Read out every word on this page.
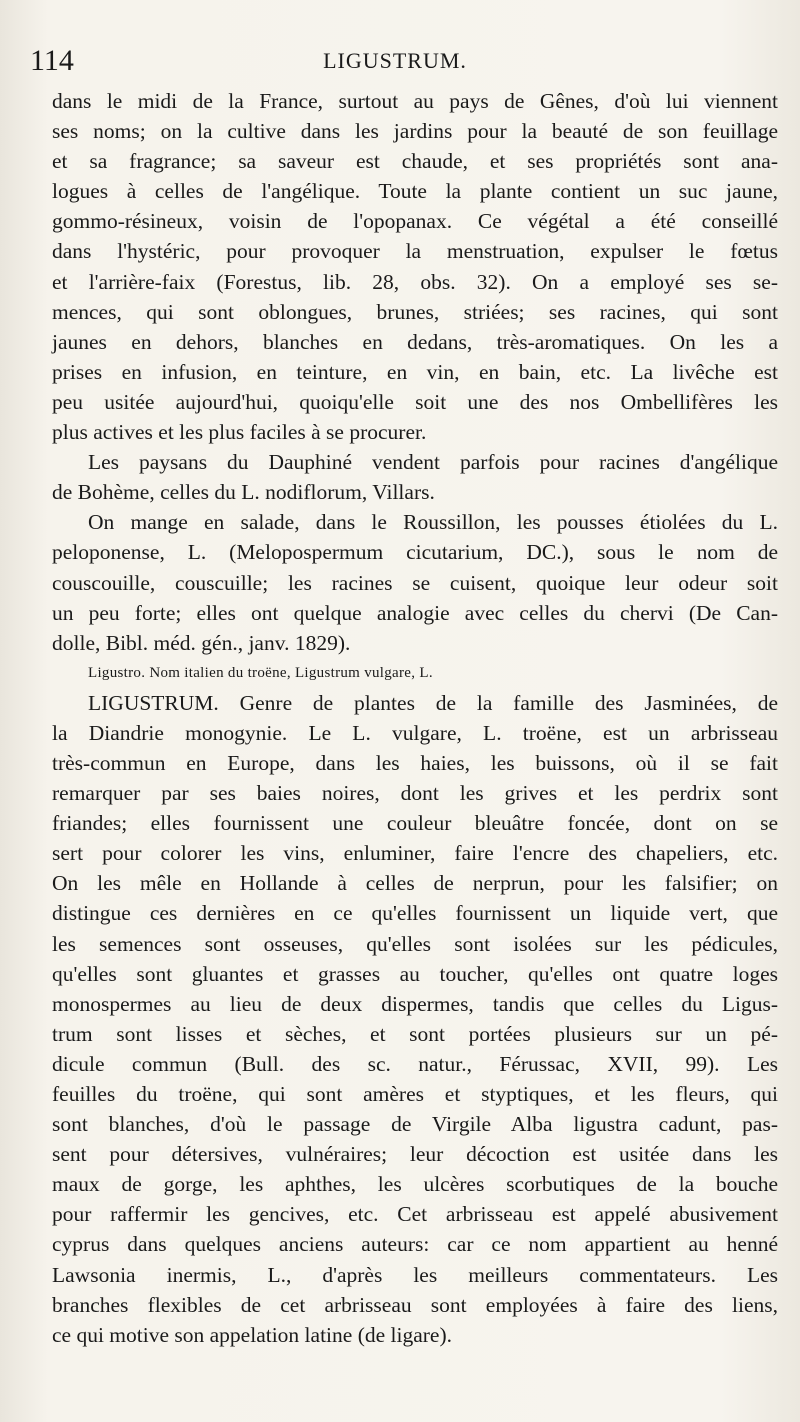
114	LIGUSTRUM.
dans le midi de la France, surtout au pays de Gênes, d'où lui viennent
ses noms; on la cultive dans les jardins pour la beauté de son feuillage
et sa fragrance; sa saveur est chaude, et ses propriétés sont ana-
logues à celles de l'angélique. Toute la plante contient un suc jaune,
gommo-résineux, voisin de l'opopanax. Ce végétal a été conseillé
dans l'hystéric, pour provoquer la menstruation, expulser le fœtus
et l'arrière-faix (Forestus, lib. 28, obs. 32). On a employé ses se-
mences, qui sont oblongues, brunes, striées; ses racines, qui sont
jaunes en dehors, blanches en dedans, très-aromatiques. On les a
prises en infusion, en teinture, en vin, en bain, etc. La livêche est
peu usitée aujourd'hui, quoiqu'elle soit une des nos Ombellifères les
plus actives et les plus faciles à se procurer.
Les paysans du Dauphiné vendent parfois pour racines d'angélique
de Bohème, celles du L. nodiflorum, Villars.
On mange en salade, dans le Roussillon, les pousses étiolées du L.
peloponense, L. (Melopospermum cicutarium, DC.), sous le nom de
couscouille, couscuille; les racines se cuisent, quoique leur odeur soit
un peu forte; elles ont quelque analogie avec celles du chervi (De Can-
dolle, Bibl. méd. gén., janv. 1829).
Ligustro. Nom italien du troëne, Ligustrum vulgare, L.
LIGUSTRUM. Genre de plantes de la famille des Jasminées, de
la Diandrie monogynie. Le L. vulgare, L. troëne, est un arbrisseau
très-commun en Europe, dans les haies, les buissons, où il se fait
remarquer par ses baies noires, dont les grives et les perdrix sont
friandes; elles fournissent une couleur bleuâtre foncée, dont on se
sert pour colorer les vins, enluminer, faire l'encre des chapeliers, etc.
On les mêle en Hollande à celles de nerprun, pour les falsifier; on
distingue ces dernières en ce qu'elles fournissent un liquide vert, que
les semences sont osseuses, qu'elles sont isolées sur les pédicules,
qu'elles sont gluantes et grasses au toucher, qu'elles ont quatre loges
monospermes au lieu de deux dispermes, tandis que celles du Ligus-
trum sont lisses et sèches, et sont portées plusieurs sur un pé-
dicule commun (Bull. des sc. natur., Férussac, XVII, 99). Les
feuilles du troëne, qui sont amères et styptiques, et les fleurs, qui
sont blanches, d'où le passage de Virgile Alba ligustra cadunt, pas-
sent pour détersives, vulnéraires; leur décoction est usitée dans les
maux de gorge, les aphthes, les ulcères scorbutiques de la bouche
pour raffermir les gencives, etc. Cet arbrisseau est appelé abusivement
cyprus dans quelques anciens auteurs: car ce nom appartient au henné
Lawsonia inermis, L., d'après les meilleurs commentateurs. Les
branches flexibles de cet arbrisseau sont employées à faire des liens,
ce qui motive son appelation latine (de ligare).
